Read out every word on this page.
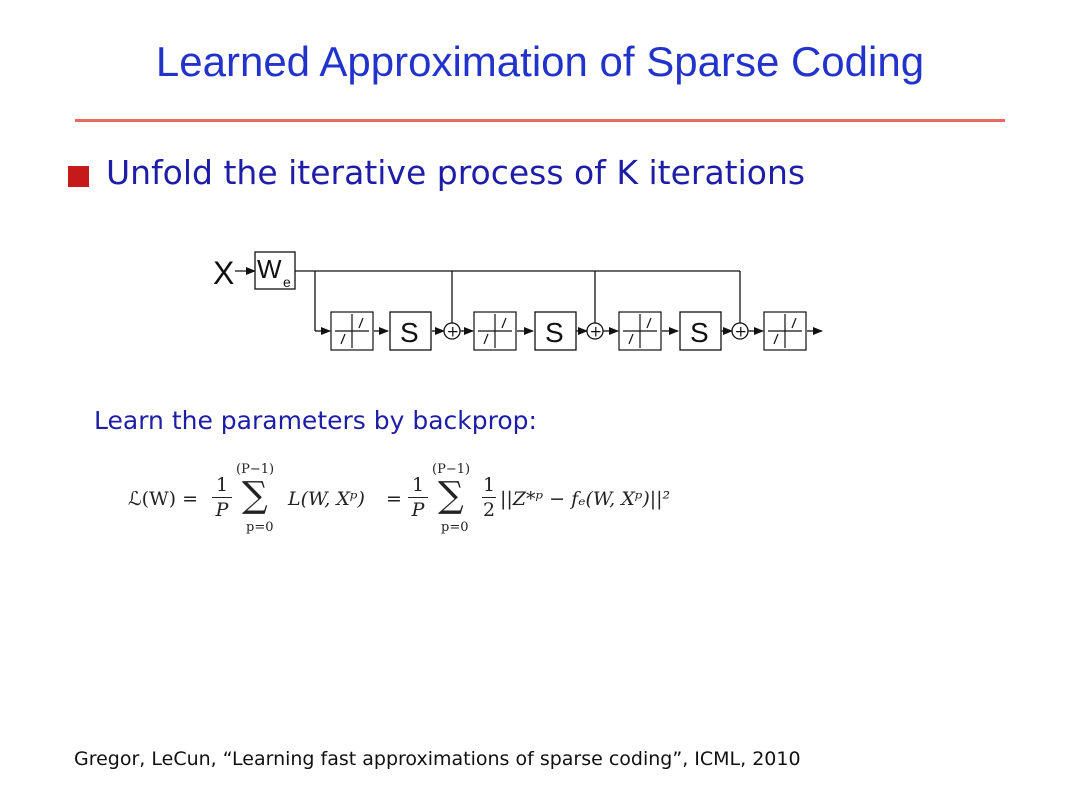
Learned Approximation of Sparse Coding
Unfold the iterative process of K iterations
X W e
S	S	S
+	+	+
Learn the parameters by backprop:
ℒ(W) =
1
P
(P−1)
∑
p=0
L(W, Xᵖ) =
1
P
(P−1)
∑
p=0
1
2 ||Z*ᵖ − fₑ(W, Xᵖ)||²
Gregor, LeCun, “Learning fast approximations of sparse coding”, ICML, 2010
